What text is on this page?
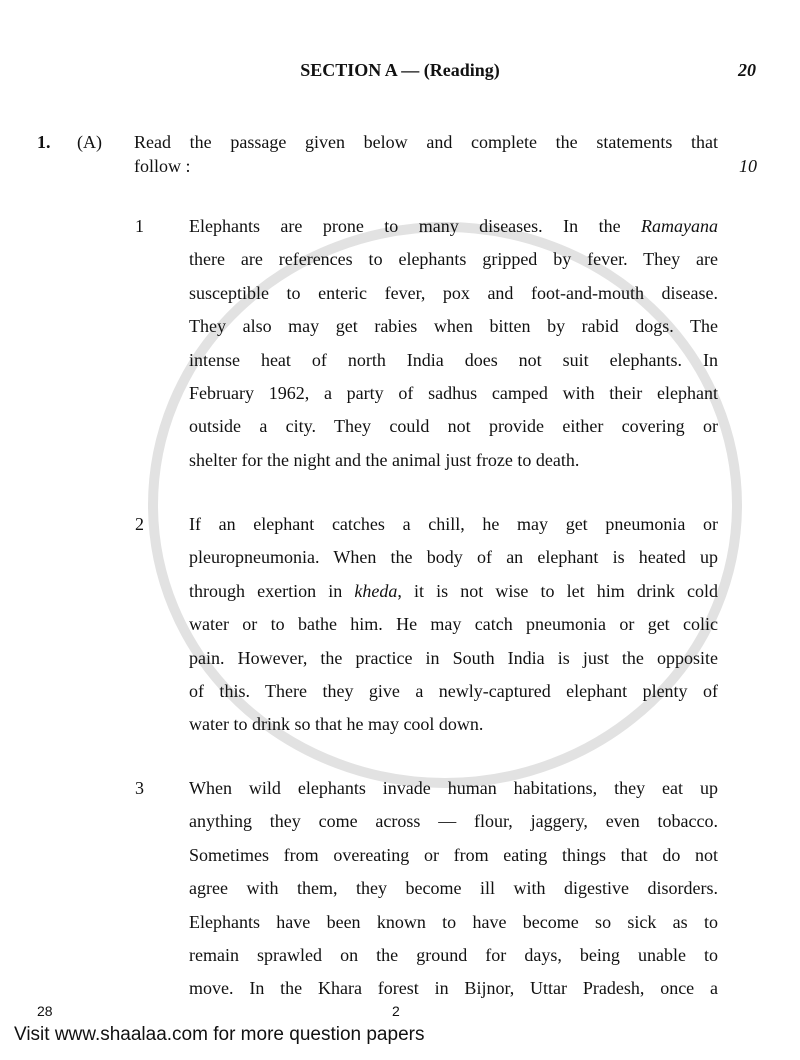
SECTION A — (Reading)	20
1. (A) Read the passage given below and complete the statements that
follow :	10
1	Elephants are prone to many diseases. In the Ramayana
there are references to elephants gripped by fever. They are
susceptible to enteric fever, pox and foot-and-mouth disease.
They also may get rabies when bitten by rabid dogs. The
intense heat of north India does not suit elephants. In
February 1962, a party of sadhus camped with their elephant
outside a city. They could not provide either covering or
shelter for the night and the animal just froze to death.
2	If an elephant catches a chill, he may get pneumonia or
pleuropneumonia. When the body of an elephant is heated up
through exertion in kheda, it is not wise to let him drink cold
water or to bathe him. He may catch pneumonia or get colic
pain. However, the practice in South India is just the opposite
of this. There they give a newly-captured elephant plenty of
water to drink so that he may cool down.
3	When wild elephants invade human habitations, they eat up
anything they come across — flour, jaggery, even tobacco.
Sometimes from overeating or from eating things that do not
agree with them, they become ill with digestive disorders.
Elephants have been known to have become so sick as to
remain sprawled on the ground for days, being unable to
move. In the Khara forest in Bijnor, Uttar Pradesh, once a
28	2
Visit www.shaalaa.com for more question papers
